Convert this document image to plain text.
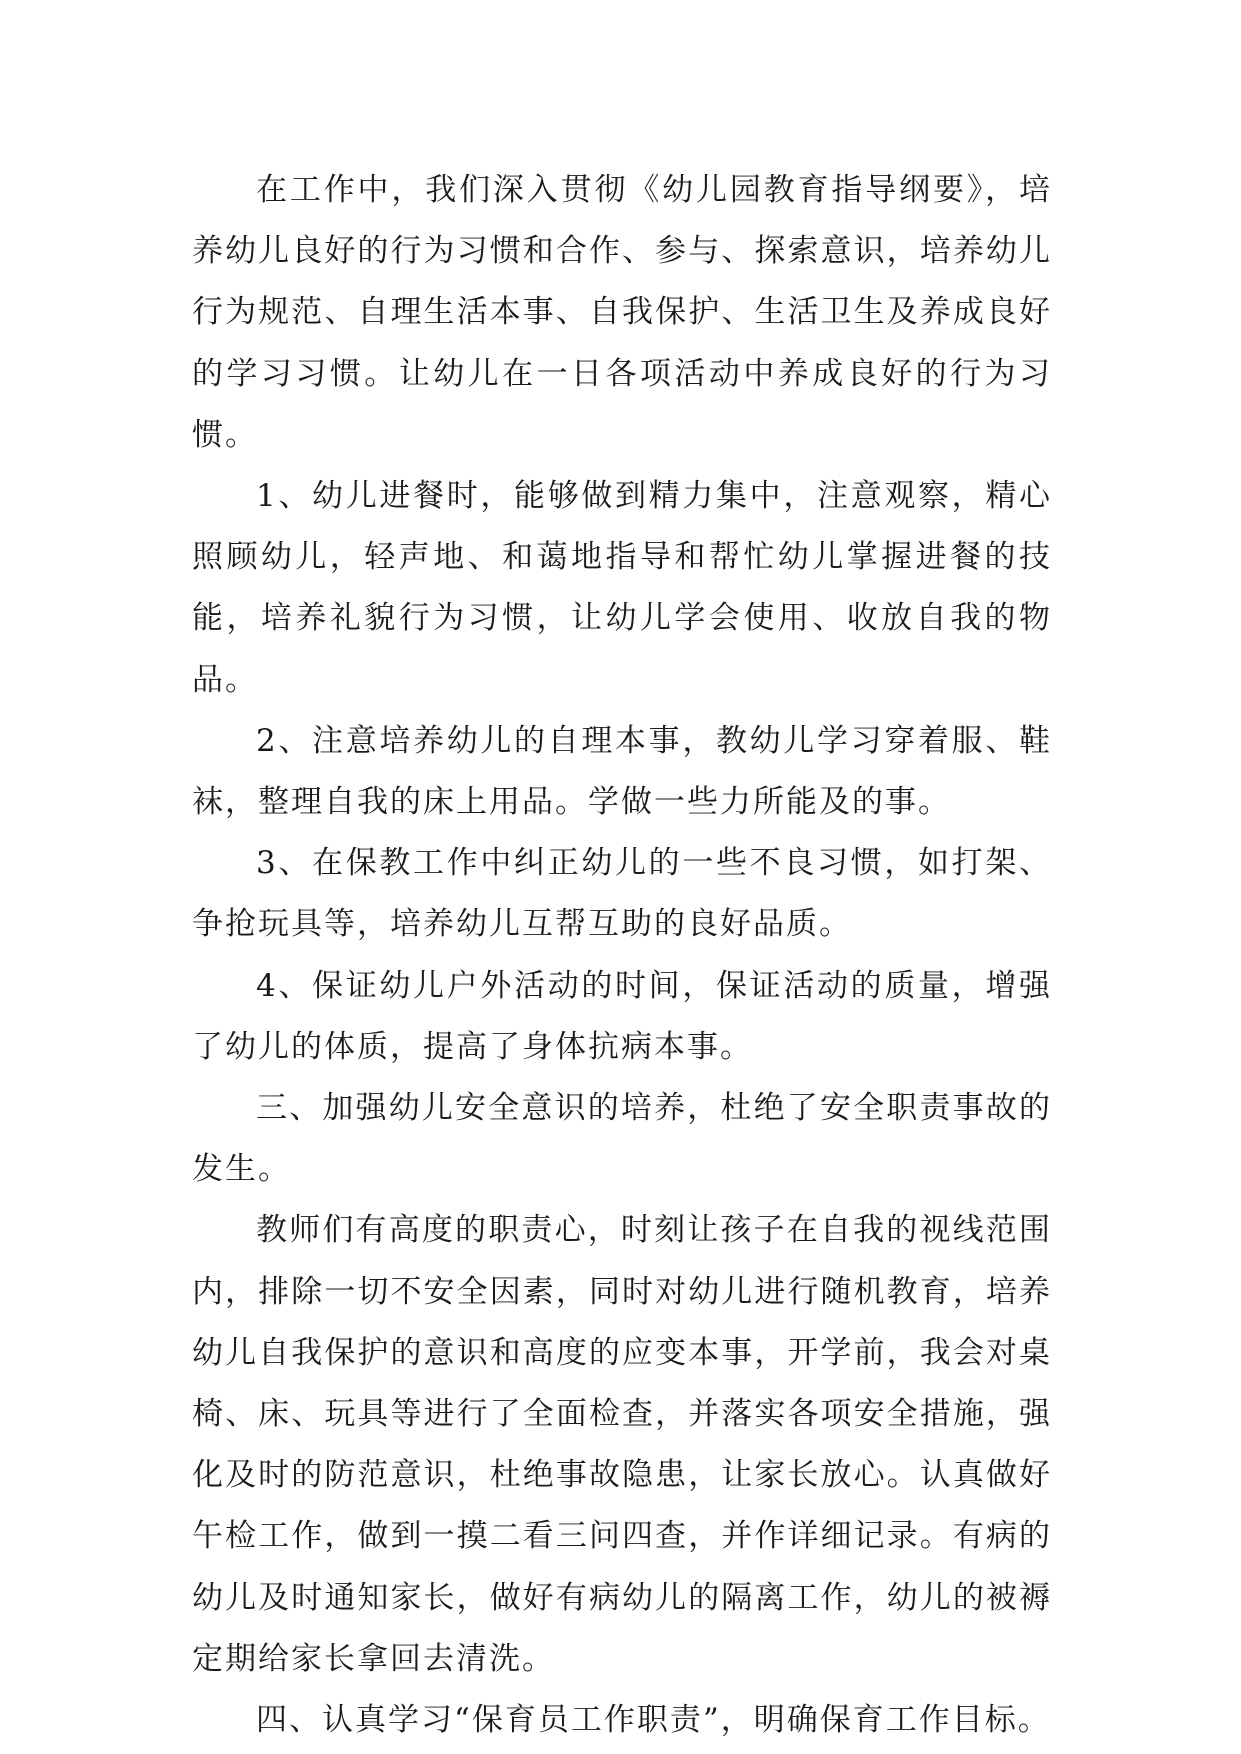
在工作中，我们深入贯彻《幼儿园教育指导纲要》，培养幼儿良好的行为习惯和合作、参与、探索意识，培养幼儿行为规范、自理生活本事、自我保护、生活卫生及养成良好的学习习惯。让幼儿在一日各项活动中养成良好的行为习惯。

1、幼儿进餐时，能够做到精力集中，注意观察，精心照顾幼儿，轻声地、和蔼地指导和帮忙幼儿掌握进餐的技能，培养礼貌行为习惯，让幼儿学会使用、收放自我的物品。

2、注意培养幼儿的自理本事，教幼儿学习穿着服、鞋袜，整理自我的床上用品。学做一些力所能及的事。

3、在保教工作中纠正幼儿的一些不良习惯，如打架、争抢玩具等，培养幼儿互帮互助的良好品质。

4、保证幼儿户外活动的时间，保证活动的质量，增强了幼儿的体质，提高了身体抗病本事。

三、加强幼儿安全意识的培养，杜绝了安全职责事故的发生。

教师们有高度的职责心，时刻让孩子在自我的视线范围内，排除一切不安全因素，同时对幼儿进行随机教育，培养幼儿自我保护的意识和高度的应变本事，开学前，我会对桌椅、床、玩具等进行了全面检查，并落实各项安全措施，强化及时的防范意识，杜绝事故隐患，让家长放心。认真做好午检工作，做到一摸二看三问四查，并作详细记录。有病的幼儿及时通知家长，做好有病幼儿的隔离工作，幼儿的被褥定期给家长拿回去清洗。

四、认真学习“保育员工作职责”，明确保育工作目标。
